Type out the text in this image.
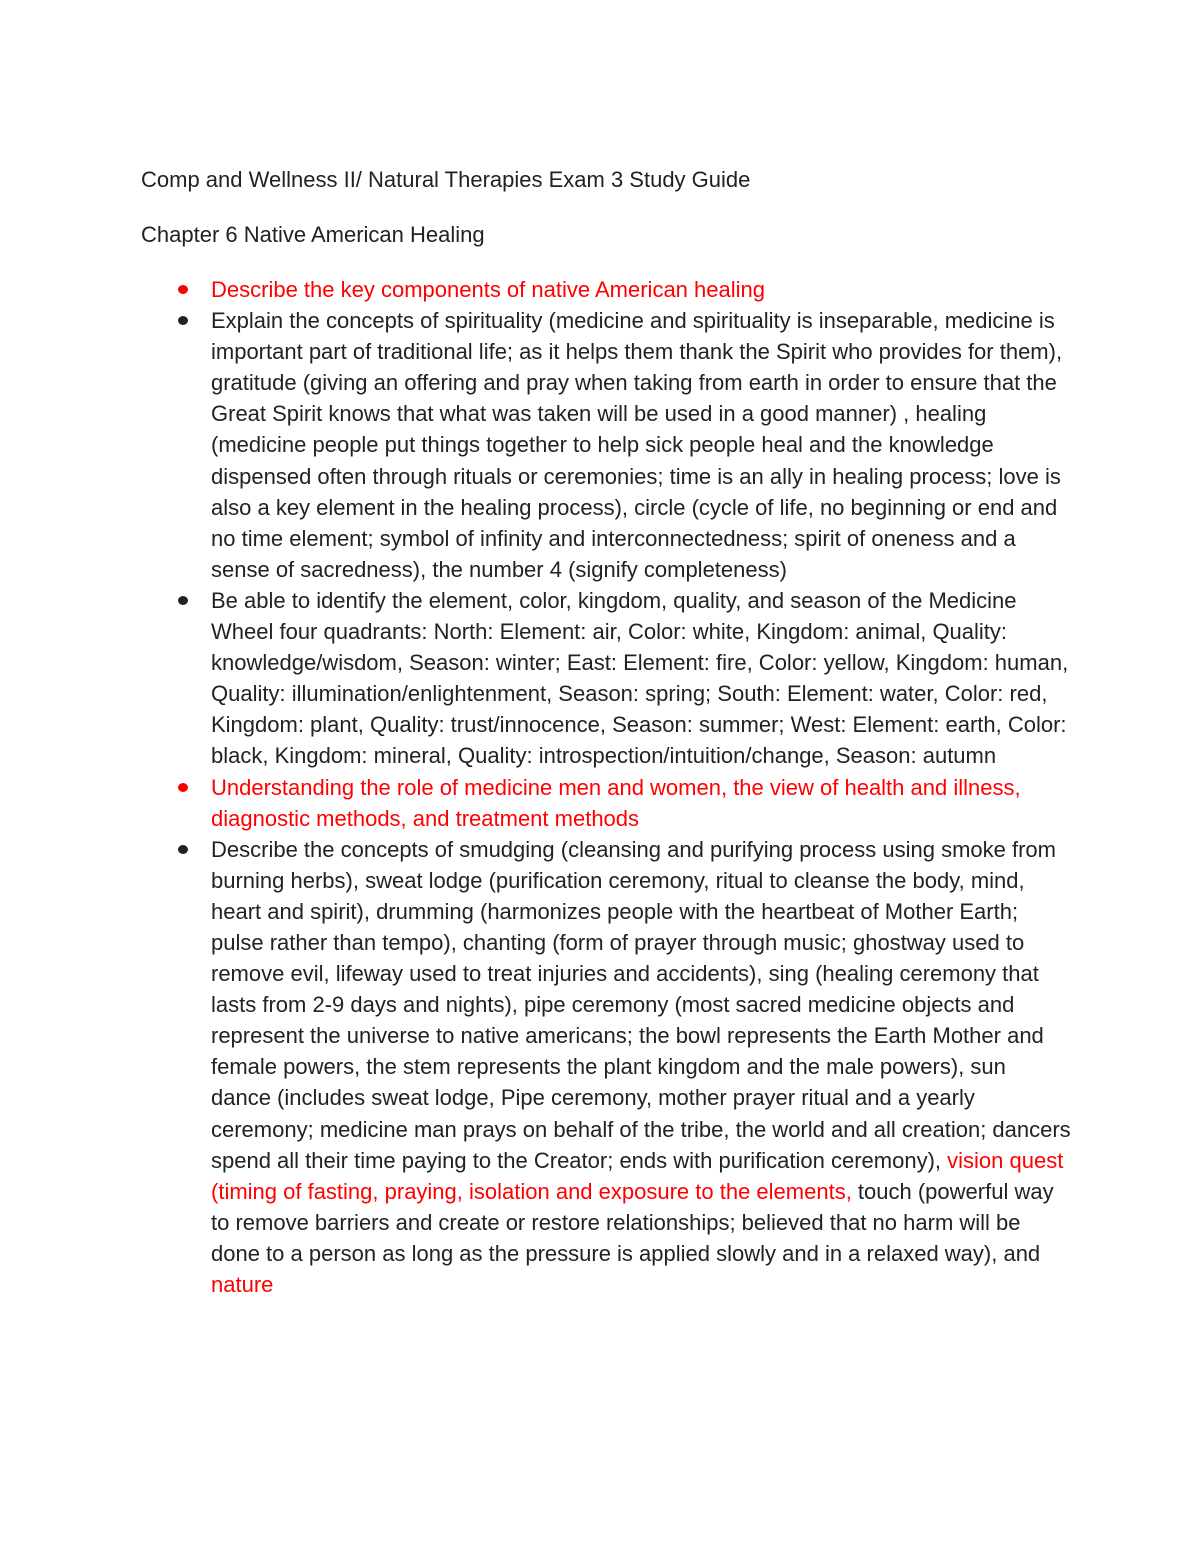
Comp and Wellness II/ Natural Therapies Exam 3 Study Guide
Chapter 6 Native American Healing
Describe the key components of native American healing
Explain the concepts of spirituality (medicine and spirituality is inseparable, medicine is important part of traditional life; as it helps them thank the Spirit who provides for them), gratitude (giving an offering and pray when taking from earth in order to ensure that the Great Spirit knows that what was taken will be used in a good manner) , healing (medicine people put things together to help sick people heal and the knowledge dispensed often through rituals or ceremonies; time is an ally in healing process; love is also a key element in the healing process), circle (cycle of life, no beginning or end and no time element; symbol of infinity and interconnectedness; spirit of oneness and a sense of sacredness), the number 4 (signify completeness)
Be able to identify the element, color, kingdom, quality, and season of the Medicine Wheel four quadrants: North: Element: air, Color: white, Kingdom: animal, Quality: knowledge/wisdom, Season: winter; East: Element: fire, Color: yellow, Kingdom: human, Quality: illumination/enlightenment, Season: spring; South: Element: water, Color: red, Kingdom: plant, Quality: trust/innocence, Season: summer; West: Element: earth, Color: black, Kingdom: mineral, Quality: introspection/intuition/change, Season: autumn
Understanding the role of medicine men and women, the view of health and illness, diagnostic methods, and treatment methods
Describe the concepts of smudging (cleansing and purifying process using smoke from burning herbs), sweat lodge (purification ceremony, ritual to cleanse the body, mind, heart and spirit), drumming (harmonizes people with the heartbeat of Mother Earth; pulse rather than tempo), chanting (form of prayer through music; ghostway used to remove evil, lifeway used to treat injuries and accidents), sing (healing ceremony that lasts from 2-9 days and nights), pipe ceremony (most sacred medicine objects and represent the universe to native americans; the bowl represents the Earth Mother and female powers, the stem represents the plant kingdom and the male powers), sun dance (includes sweat lodge, Pipe ceremony, mother prayer ritual and a yearly ceremony; medicine man prays on behalf of the tribe, the world and all creation; dancers spend all their time paying to the Creator; ends with purification ceremony), vision quest (timing of fasting, praying, isolation and exposure to the elements, touch (powerful way to remove barriers and create or restore relationships; believed that no harm will be done to a person as long as the pressure is applied slowly and in a relaxed way), and nature
